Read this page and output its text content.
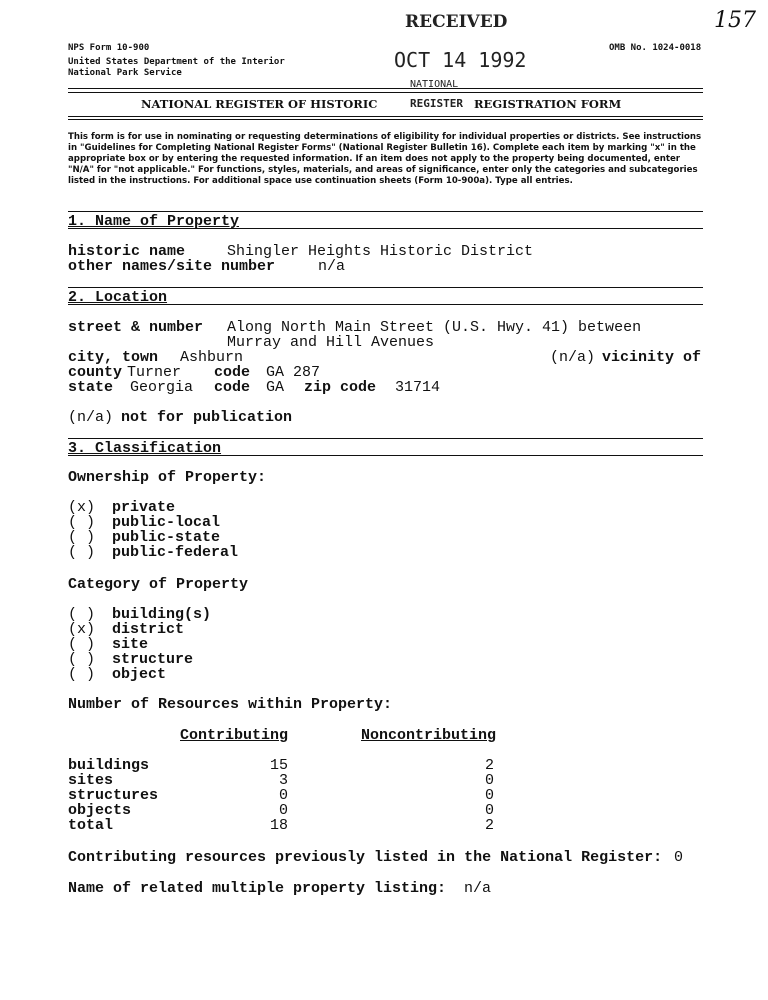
NPS Form 10-900
United States Department of the Interior
National Park Service
OMB No. 1024-0018
RECEIVED
OCT 14 1992
NATIONAL
157
NATIONAL REGISTER OF HISTORIC	REGISTER REGISTRATION FORM
This form is for use in nominating or requesting determinations of eligibility for individual properties or districts. See instructions in "Guidelines for Completing National Register Forms" (National Register Bulletin 16). Complete each item by marking "x" in the appropriate box or by entering the requested information. If an item does not apply to the property being documented, enter "N/A" for "not applicable." For functions, styles, materials, and areas of significance, enter only the categories and subcategories listed in the instructions. For additional space use continuation sheets (Form 10-900a). Type all entries.
1. Name of Property
historic name	Shingler Heights Historic District
other names/site number	n/a
2. Location
street & number Along North Main Street (U.S. Hwy. 41) between
Murray and Hill Avenues
city, town Ashburn	(n/a) vicinity of
county Turner code GA 287
state Georgia code GA zip code 31714
(n/a) not for publication
3. Classification
Ownership of Property:
(x) private
( ) public-local
( ) public-state
( ) public-federal
Category of Property
( ) building(s)
(x) district
( ) site
( ) structure
( ) object
Number of Resources within Property:
Contributing	Noncontributing
buildings	15	2
sites	3	0
structures	0	0
objects	0	0
total	18	2
Contributing resources previously listed in the National Register: 0
Name of related multiple property listing: n/a
